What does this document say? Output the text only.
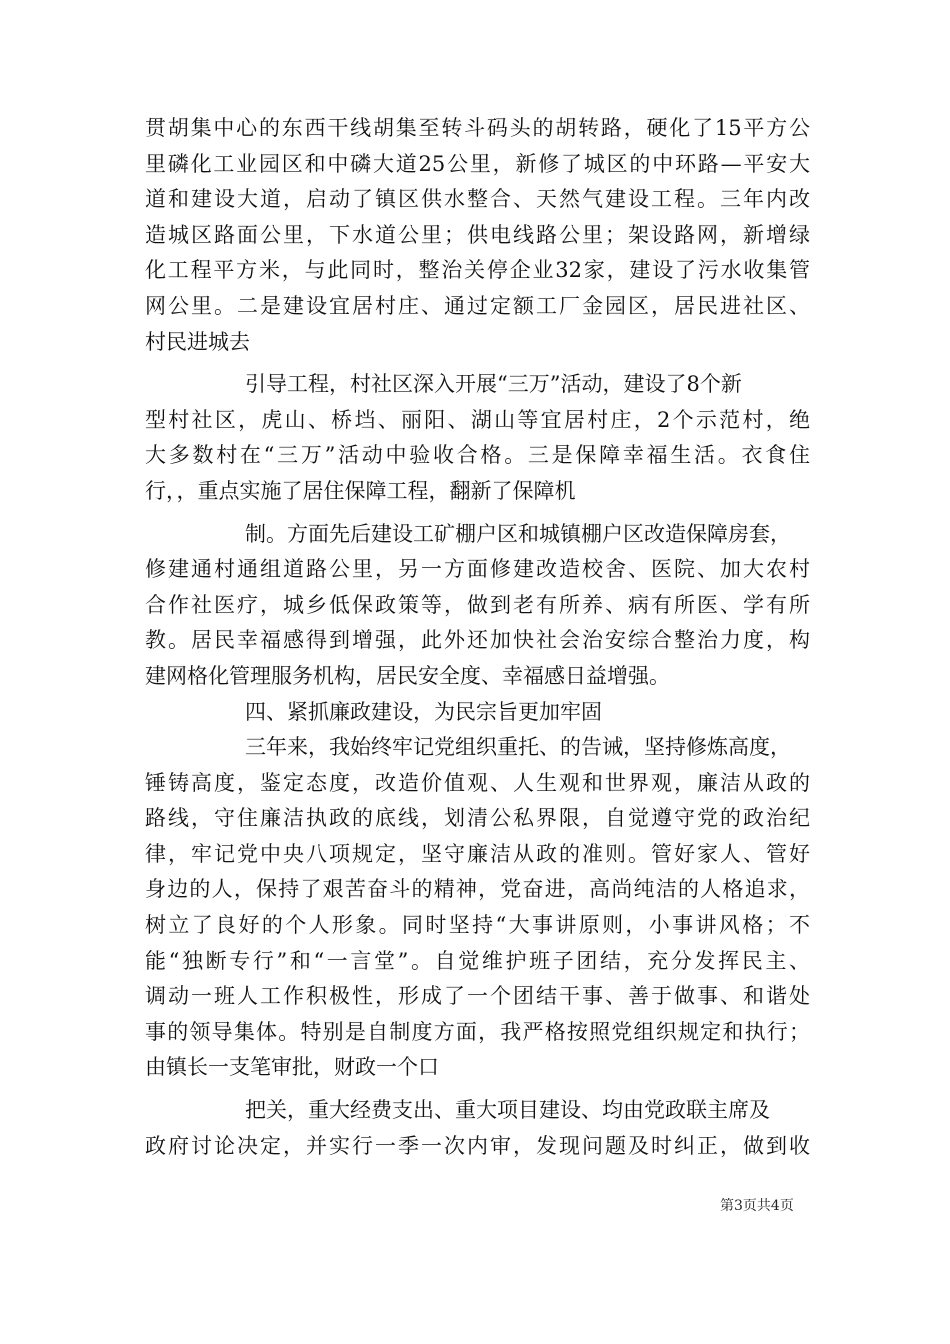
贯胡集中心的东西干线胡集至转斗码头的胡转路，硬化了15平方公
里磷化工业园区和中磷大道25公里，新修了城区的中环路—平安大
道和建设大道，启动了镇区供水整合、天然气建设工程。三年内改
造城区路面公里，下水道公里；供电线路公里；架设路网，新增绿
化工程平方米，与此同时，整治关停企业32家，建设了污水收集管
网公里。二是建设宜居村庄、通过定额工厂金园区，居民进社区、
村民进城去

引导工程，村社区深入开展“三万”活动，建设了8个新
型村社区，虎山、桥垱、丽阳、湖山等宜居村庄，2个示范村，绝
大多数村在“三万”活动中验收合格。三是保障幸福生活。衣食住
行，，重点实施了居住保障工程，翻新了保障机

制。方面先后建设工矿棚户区和城镇棚户区改造保障房套，
修建通村通组道路公里，另一方面修建改造校舍、医院、加大农村
合作社医疗，城乡低保政策等，做到老有所养、病有所医、学有所
教。居民幸福感得到增强，此外还加快社会治安综合整治力度，构
建网格化管理服务机构，居民安全度、幸福感日益增强。

四、紧抓廉政建设，为民宗旨更加牢固

三年来，我始终牢记党组织重托、的告诫，坚持修炼高度，
锤铸高度，鉴定态度，改造价值观、人生观和世界观，廉洁从政的
路线，守住廉洁执政的底线，划清公私界限，自觉遵守党的政治纪
律，牢记党中央八项规定，坚守廉洁从政的准则。管好家人、管好
身边的人，保持了艰苦奋斗的精神，党奋进，高尚纯洁的人格追求，
树立了良好的个人形象。同时坚持“大事讲原则，小事讲风格；不
能“独断专行”和“一言堂”。自觉维护班子团结，充分发挥民主、
调动一班人工作积极性，形成了一个团结干事、善于做事、和谐处
事的领导集体。特别是自制度方面，我严格按照党组织规定和执行；
由镇长一支笔审批，财政一个口

把关，重大经费支出、重大项目建设、均由党政联主席及
政府讨论决定，并实行一季一次内审，发现问题及时纠正，做到收

第3页共4页
